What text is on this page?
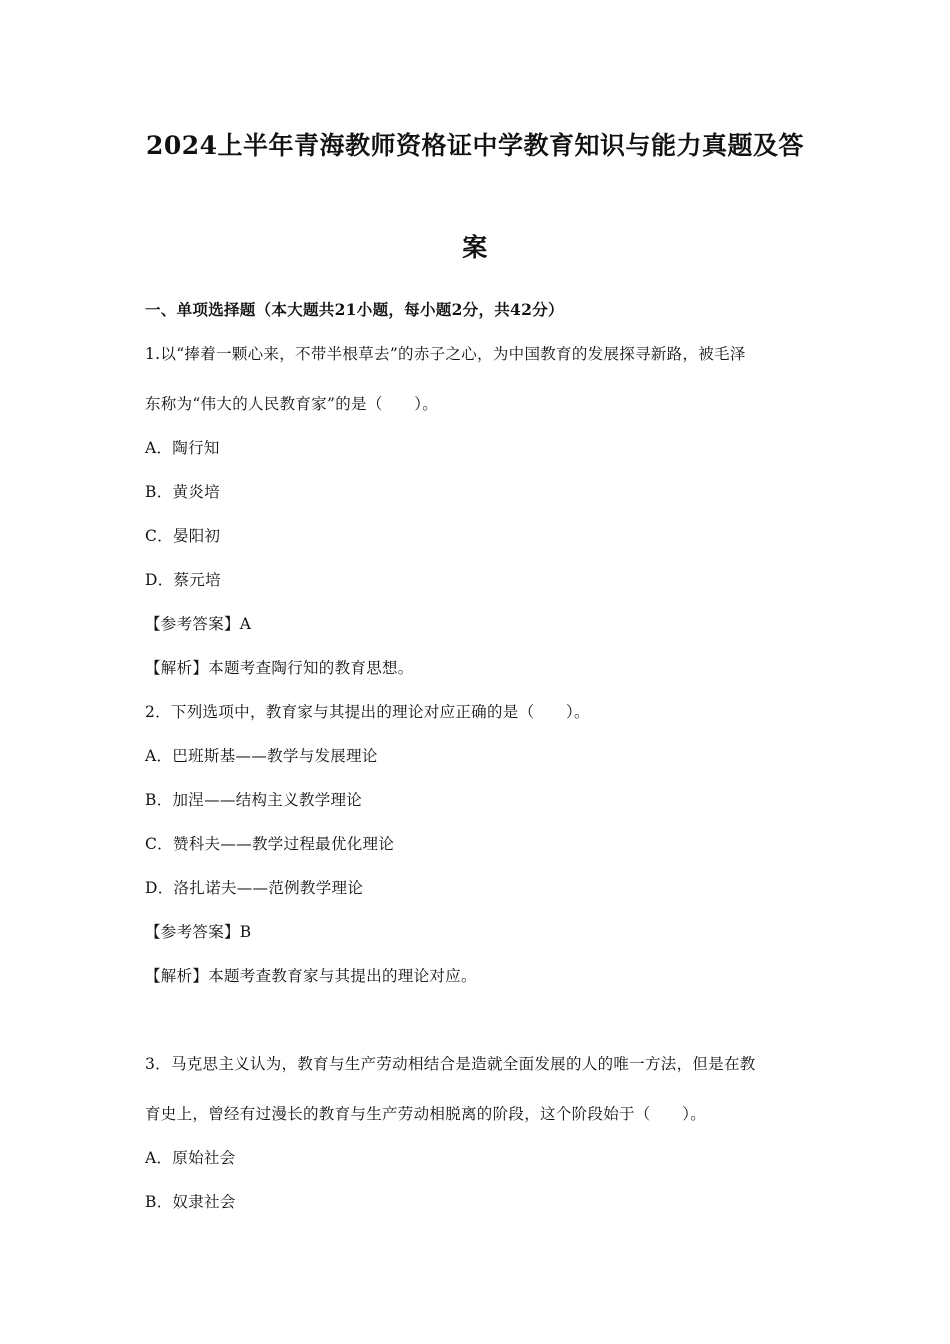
2024上半年青海教师资格证中学教育知识与能力真题及答
案
一、单项选择题（本大题共21小题，每小题2分，共42分）
1.以“捧着一颗心来，不带半根草去”的赤子之心，为中国教育的发展探寻新路，被毛泽
东称为“伟大的人民教育家”的是（　　）。
A．陶行知
B．黄炎培
C．晏阳初
D．蔡元培
【参考答案】A
【解析】本题考查陶行知的教育思想。
2．下列选项中，教育家与其提出的理论对应正确的是（　　）。
A．巴班斯基——教学与发展理论
B．加涅——结构主义教学理论
C．赞科夫——教学过程最优化理论
D．洛扎诺夫——范例教学理论
【参考答案】B
【解析】本题考查教育家与其提出的理论对应。
3．马克思主义认为，教育与生产劳动相结合是造就全面发展的人的唯一方法，但是在教
育史上，曾经有过漫长的教育与生产劳动相脱离的阶段，这个阶段始于（　　）。
A．原始社会
B．奴隶社会
